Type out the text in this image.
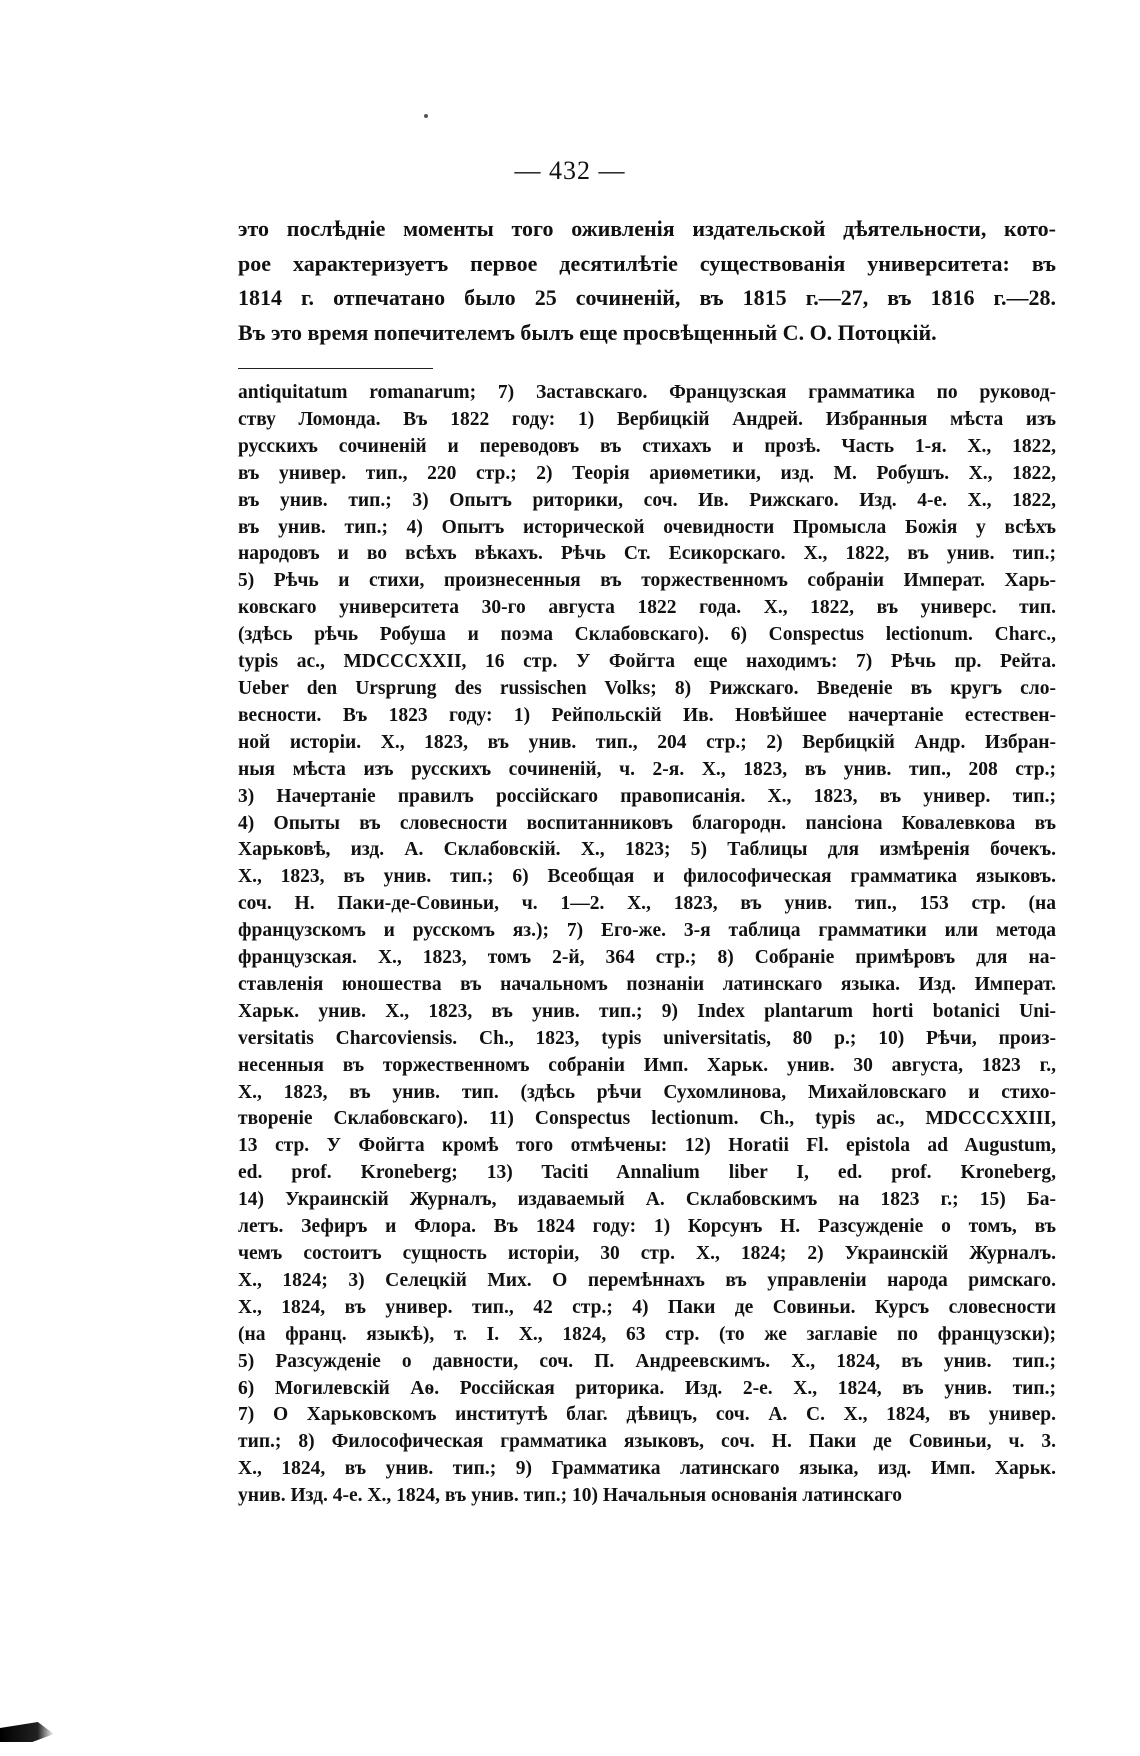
— 432 —
это послѣдніе моменты того оживленія издательской дѣятельности, кото-
рое характеризуетъ первое десятилѣтіе существованія университета: въ
1814 г. отпечатано было 25 сочиненій, въ 1815 г.—27, въ 1816 г.—28.
Въ это время попечителемъ былъ еще просвѣщенный С. О. Потоцкій.
antiquitatum romanarum; 7) Заставскаго. Французская грамматика по руковод-
ству Ломонда. Въ 1822 году: 1) Вербицкій Андрей. Избранныя мѣста изъ
русскихъ сочиненій и переводовъ въ стихахъ и прозѣ. Часть 1-я. Х., 1822,
въ универ. тип., 220 стр.; 2) Теорія ариѳметики, изд. М. Робушъ. Х., 1822,
въ унив. тип.; 3) Опытъ риторики, соч. Ив. Рижскаго. Изд. 4-е. Х., 1822,
въ унив. тип.; 4) Опытъ исторической очевидности Промысла Божія у всѣхъ
народовъ и во всѣхъ вѣкахъ. Рѣчь Ст. Есикорскаго. Х., 1822, въ унив. тип.;
5) Рѣчь и стихи, произнесенныя въ торжественномъ собраніи Императ. Харь-
ковскаго университета 30-го августа 1822 года. Х., 1822, въ универс. тип.
(здѣсь рѣчь Робуша и поэма Склабовскаго). 6) Conspectus lectionum. Charc.,
typis ac., MDCCCXXII, 16 стр. У Фойгта еще находимъ: 7) Рѣчь пр. Рейта.
Ueber den Ursprung des russischen Volks; 8) Рижскаго. Введеніе въ кругъ сло-
весности. Въ 1823 году: 1) Рейпольскій Ив. Новѣйшее начертаніе естествен-
ной исторіи. Х., 1823, въ унив. тип., 204 стр.; 2) Вербицкій Андр. Избран-
ныя мѣста изъ русскихъ сочиненій, ч. 2-я. Х., 1823, въ унив. тип., 208 стр.;
3) Начертаніе правилъ россійскаго правописанія. Х., 1823, въ универ. тип.;
4) Опыты въ словесности воспитанниковъ благородн. пансіона Ковалевкова въ
Харьковѣ, изд. А. Склабовскій. Х., 1823; 5) Таблицы для измѣренія бочекъ.
Х., 1823, въ унив. тип.; 6) Всеобщая и философическая грамматика языковъ.
соч. Н. Паки-де-Совиньи, ч. 1—2. Х., 1823, въ унив. тип., 153 стр. (на
французскомъ и русскомъ яз.); 7) Его-же. 3-я таблица грамматики или метода
французская. Х., 1823, томъ 2-й, 364 стр.; 8) Собраніе примѣровъ для на-
ставленія юношества въ начальномъ познаніи латинскаго языка. Изд. Императ.
Харьк. унив. Х., 1823, въ унив. тип.; 9) Index plantarum horti botanici Uni-
versitatis Charcoviensis. Ch., 1823, typis universitatis, 80 р.; 10) Рѣчи, произ-
несенныя въ торжественномъ собраніи Имп. Харьк. унив. 30 августа, 1823 г.,
Х., 1823, въ унив. тип. (здѣсь рѣчи Сухомлинова, Михайловскаго и стихо-
твореніе Склабовскаго). 11) Conspectus lectionum. Ch., typis ac., MDCCCXXIII,
13 стр. У Фойгта кромѣ того отмѣчены: 12) Horatii Fl. epistola ad Augustum,
ed. prof. Kroneberg; 13) Taciti Annalium liber I, ed. prof. Kroneberg,
14) Украинскій Журналъ, издаваемый А. Склабовскимъ на 1823 г.; 15) Ба-
летъ. Зефиръ и Флора. Въ 1824 году: 1) Корсунъ Н. Разсужденіе о томъ, въ
чемъ состоитъ сущность исторіи, 30 стр. Х., 1824; 2) Украинскій Журналъ.
Х., 1824; 3) Селецкій Мих. О перемѣннахъ въ управленіи народа римскаго.
Х., 1824, въ универ. тип., 42 стр.; 4) Паки де Совиньи. Курсъ словесности
(на франц. языкѣ), т. I. Х., 1824, 63 стр. (то же заглавіе по французски);
5) Разсужденіе о давности, соч. П. Андреевскимъ. Х., 1824, въ унив. тип.;
6) Могилевскій Аѳ. Россійская риторика. Изд. 2-е. Х., 1824, въ унив. тип.;
7) О Харьковскомъ институтѣ благ. дѣвицъ, соч. А. С. Х., 1824, въ универ.
тип.; 8) Философическая грамматика языковъ, соч. Н. Паки де Совиньи, ч. 3.
Х., 1824, въ унив. тип.; 9) Грамматика латинскаго языка, изд. Имп. Харьк.
унив. Изд. 4-е. Х., 1824, въ унив. тип.; 10) Начальныя основанія латинскаго
